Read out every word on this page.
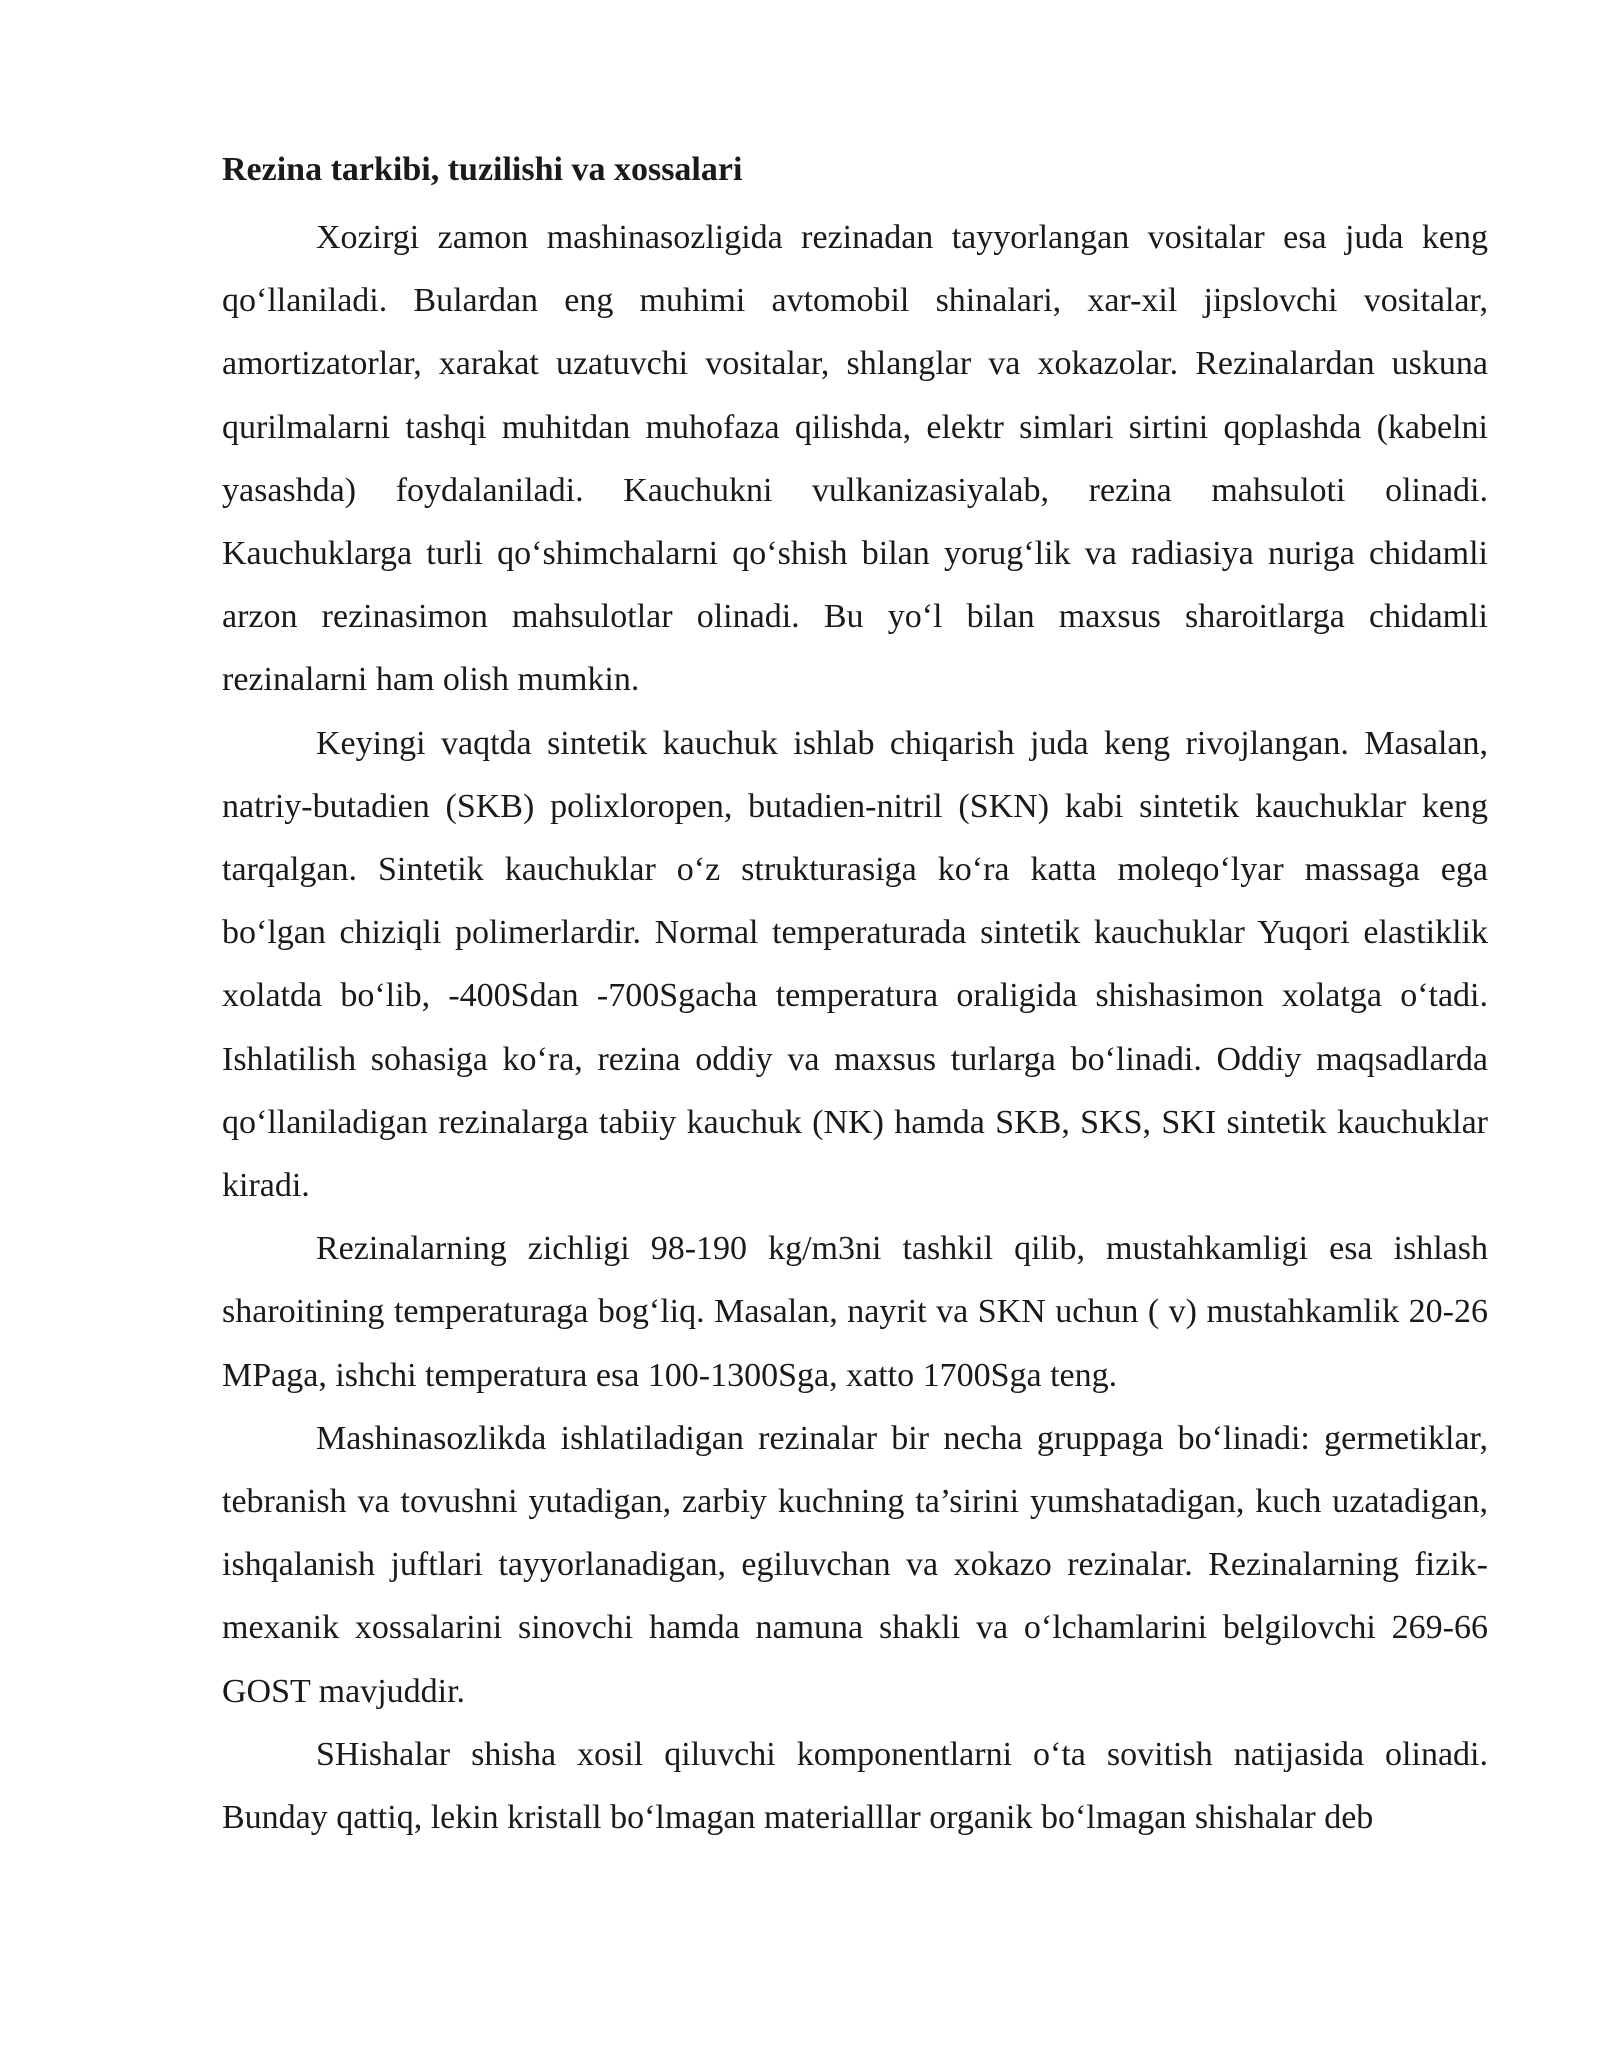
Rezina tarkibi, tuzilishi va xossalari

Xozirgi zamon mashinasozligida rezinadan tayyorlangan vositalar esa juda keng qo‘llaniladi. Bulardan eng muhimi avtomobil shinalari, xar-xil jipslovchi vositalar, amortizatorlar, xarakat uzatuvchi vositalar, shlanglar va xokazolar. Rezinalardan uskuna qurilmalarni tashqi muhitdan muhofaza qilishda, elektr simlari sirtini qoplashda (kabelni yasashda) foydalaniladi. Kauchukni vulkanizasiyalab, rezina mahsuloti olinadi. Kauchuklarga turli qo‘shimchalarni qo‘shish bilan yorug‘lik va radiasiya nuriga chidamli arzon rezinasimon mahsulotlar olinadi. Bu yo‘l bilan maxsus sharoitlarga chidamli rezinalarni ham olish mumkin.

Keyingi vaqtda sintetik kauchuk ishlab chiqarish juda keng rivojlangan. Masalan, natriy-butadien (SKB) polixloropen, butadien-nitril (SKN) kabi sintetik kauchuklar keng tarqalgan. Sintetik kauchuklar o‘z strukturasiga ko‘ra katta moleqo‘lyar massaga ega bo‘lgan chiziqli polimerlardir. Normal temperaturada sintetik kauchuklar Yuqori elastiklik xolatda bo‘lib, -400Sdan -700Sgacha temperatura oraligida shishasimon xolatga o‘tadi. Ishlatilish sohasiga ko‘ra, rezina oddiy va maxsus turlarga bo‘linadi. Oddiy maqsadlarda qo‘llaniladigan rezinalarga tabiiy kauchuk (NK) hamda SKB, SKS, SKI sintetik kauchuklar kiradi.

Rezinalarning zichligi 98-190 kg/m3ni tashkil qilib, mustahkamligi esa ishlash sharoitining temperaturaga bog‘liq. Masalan, nayrit va SKN uchun ( v) mustahkamlik 20-26 MPaga, ishchi temperatura esa 100-1300Sga, xatto 1700Sga teng.

Mashinasozlikda ishlatiladigan rezinalar bir necha gruppaga bo‘linadi: germetiklar, tebranish va tovushni yutadigan, zarbiy kuchning ta’sirini yumshatadigan, kuch uzatadigan, ishqalanish juftlari tayyorlanadigan, egiluvchan va xokazo rezinalar. Rezinalarning fizik-mexanik xossalarini sinovchi hamda namuna shakli va o‘lchamlarini belgilovchi 269-66 GOST mavjuddir.

SHishalar shisha xosil qiluvchi komponentlarni o‘ta sovitish natijasida olinadi. Bunday qattiq, lekin kristall bo‘lmagan materialllar organik bo‘lmagan shishalar deb
